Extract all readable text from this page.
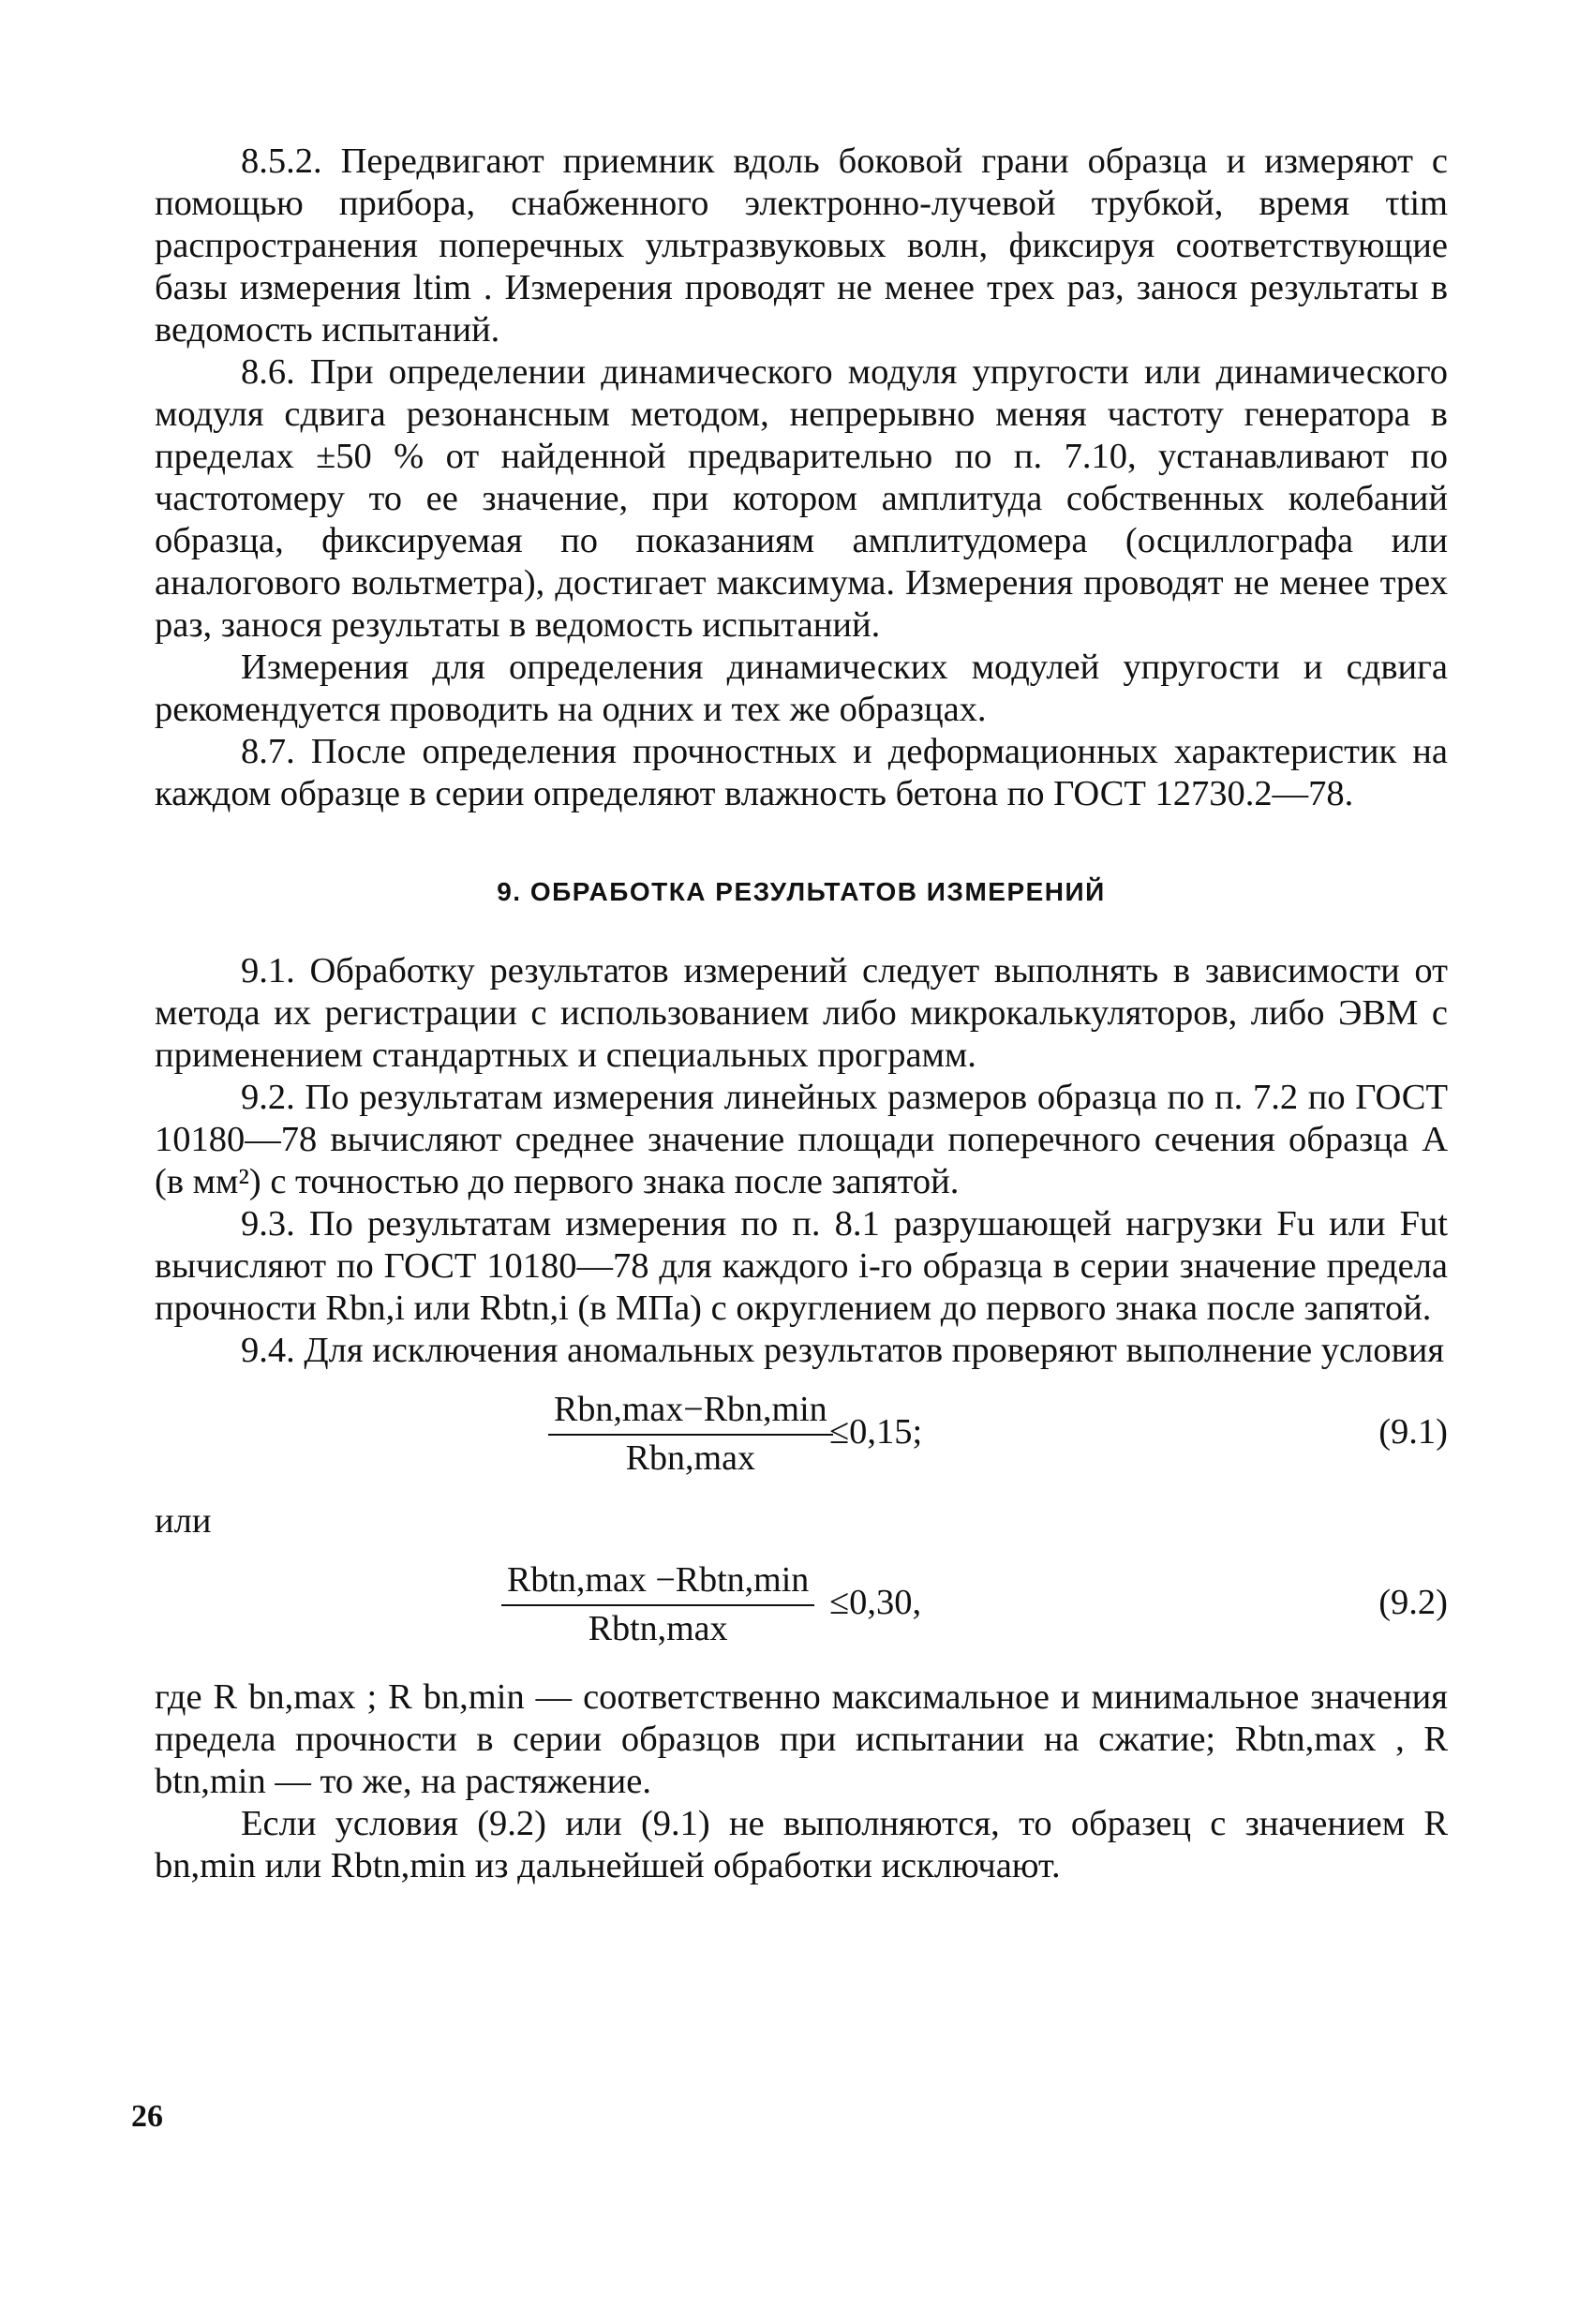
8.5.2. Передвигают приемник вдоль боковой грани образца и измеряют с помощью прибора, снабженного электронно-лучевой трубкой, время τtim распространения поперечных ультразвуковых волн, фиксируя соответствующие базы измерения ltim . Измерения проводят не менее трех раз, занося результаты в ведомость испытаний.

8.6. При определении динамического модуля упругости или динамического модуля сдвига резонансным методом, непрерывно меняя частоту генератора в пределах ±50 % от найденной предварительно по п. 7.10, устанавливают по частотомеру то ее значение, при котором амплитуда собственных колебаний образца, фиксируемая по показаниям амплитудомера (осциллографа или аналогового вольтметра), достигает максимума. Измерения проводят не менее трех раз, занося результаты в ведомость испытаний.

Измерения для определения динамических модулей упругости и сдвига рекомендуется проводить на одних и тех же образцах.

8.7. После определения прочностных и деформационных характеристик на каждом образце в серии определяют влажность бетона по ГОСТ 12730.2—78.

9. ОБРАБОТКА РЕЗУЛЬТАТОВ ИЗМЕРЕНИЙ

9.1. Обработку результатов измерений следует выполнять в зависимости от метода их регистрации с использованием либо микрокалькуляторов, либо ЭВМ с применением стандартных и специальных программ.

9.2. По результатам измерения линейных размеров образца по п. 7.2 по ГОСТ 10180—78 вычисляют среднее значение площади поперечного сечения образца A (в мм²) с точностью до первого знака после запятой.

9.3. По результатам измерения по п. 8.1 разрушающей нагрузки Fu или Fut вычисляют по ГОСТ 10180—78 для каждого i-го образца в серии значение предела прочности Rbn,i или Rbtn,i (в МПа) с округлением до первого знака после запятой.

9.4. Для исключения аномальных результатов проверяют выполнение условия

Rbn,max−Rbn,min
Rbn,max
≤0,15;	(9.1)

или

Rbtn,max −Rbtn,min
Rbtn,max
≤0,30,	(9.2)

где R bn,max ; R bn,min — соответственно максимальное и минимальное значения предела прочности в серии образцов при испытании на сжатие; Rbtn,max , R btn,min — то же, на растяжение.

Если условия (9.2) или (9.1) не выполняются, то образец с значением R bn,min или Rbtn,min из дальнейшей обработки исключают.

26
